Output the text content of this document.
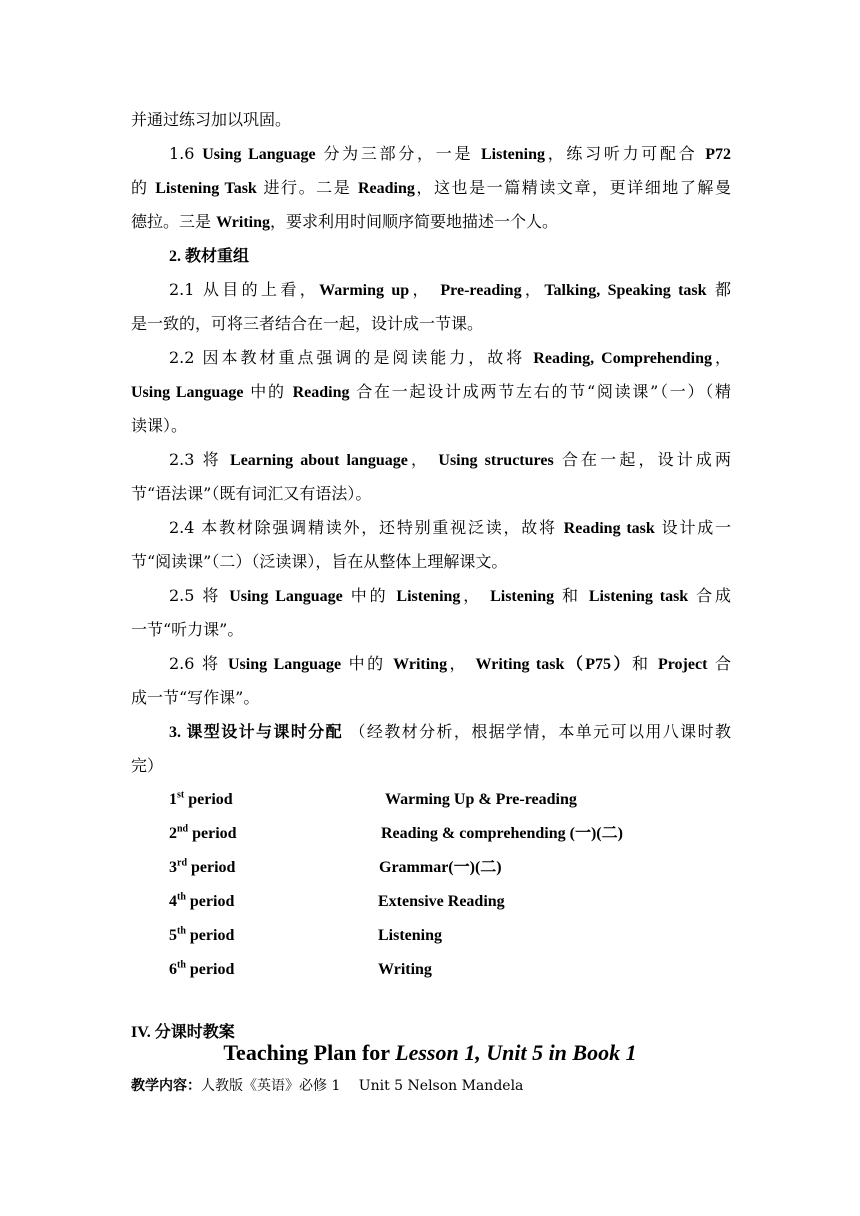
并通过练习加以巩固。
1.6 Using Language 分为三部分，一是 Listening，练习听力可配合 P72
的 Listening Task 进行。二是 Reading，这也是一篇精读文章，更详细地了解曼
德拉。三是 Writing，要求利用时间顺序简要地描述一个人。
2. 教材重组
2.1 从目的上看，Warming up， Pre-reading，Talking, Speaking task 都
是一致的，可将三者结合在一起，设计成一节课。
2.2 因本教材重点强调的是阅读能力，故将 Reading, Comprehending，
Using Language 中的 Reading 合在一起设计成两节左右的节“阅读课”（一）（精
读课）。
2.3 将 Learning about language， Using structures 合在一起，设计成两
节“语法课”（既有词汇又有语法）。
2.4 本教材除强调精读外，还特别重视泛读，故将 Reading task 设计成一
节“阅读课”（二）（泛读课），旨在从整体上理解课文。
2.5 将 Using Language 中的 Listening， Listening 和 Listening task 合成
一节“听力课”。
2.6 将 Using Language 中的 Writing， Writing task（P75）和 Project 合
成一节“写作课”。
3. 课型设计与课时分配 （经教材分析，根据学情，本单元可以用八课时教
完）
1st period	Warming Up & Pre-reading
2nd period	Reading & comprehending (一)(二)
3rd period	Grammar(一)(二)
4th period	Extensive Reading
5th period	Listening
6th period	Writing
IV. 分课时教案
Teaching Plan for Lesson 1, Unit 5 in Book 1
教学内容：人教版《英语》必修 1　 Unit 5 Nelson Mandela
